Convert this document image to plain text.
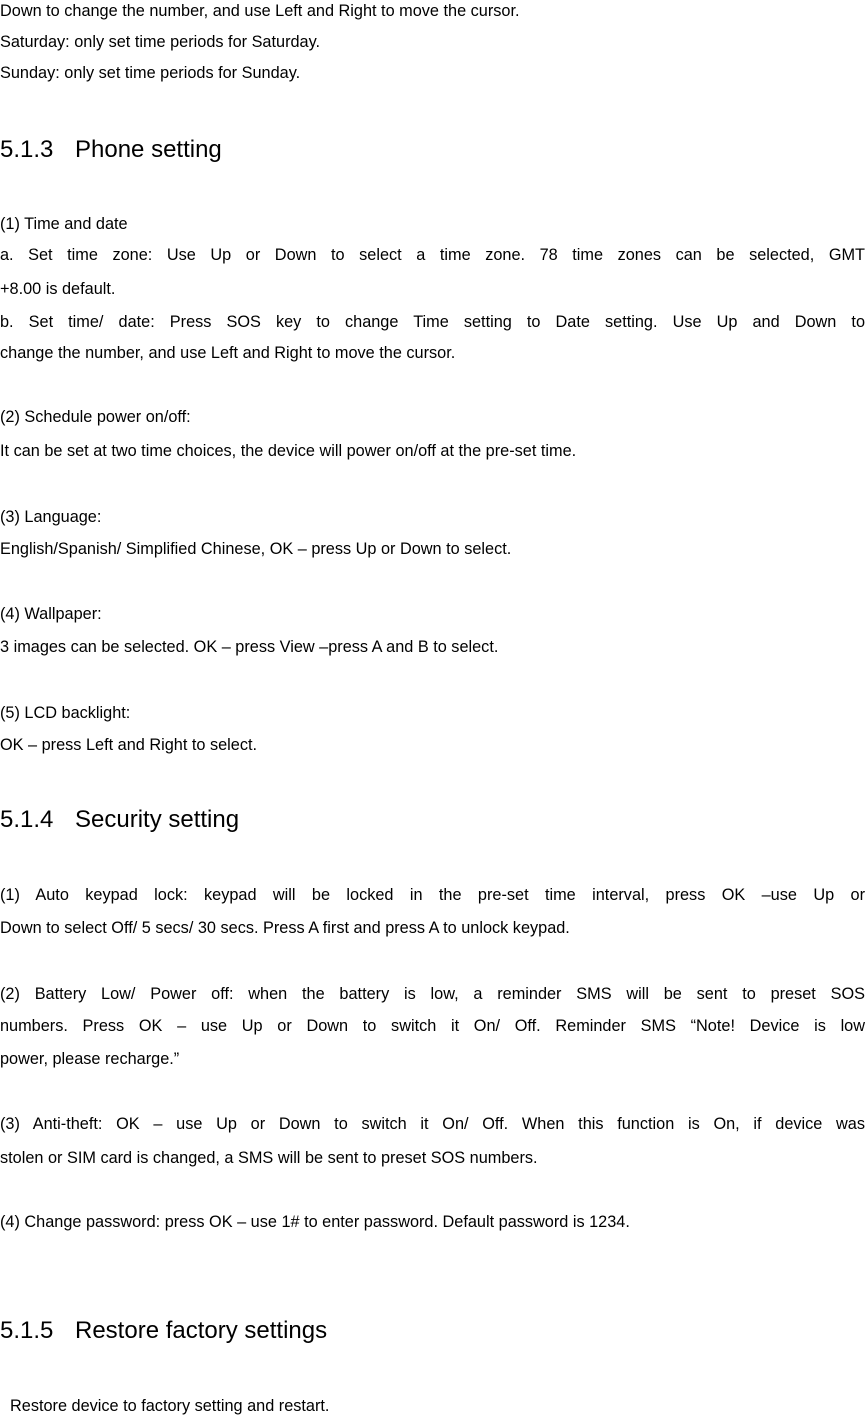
Down to change the number, and use Left and Right to move the cursor.

Saturday: only set time periods for Saturday.

Sunday: only set time periods for Sunday.

5.1.3 Phone setting

(1) Time and date

a. Set time zone: Use Up or Down to select a time zone. 78 time zones can be selected, GMT

+8.00 is default.

b. Set time/ date: Press SOS key to change Time setting to Date setting. Use Up and Down to

change the number, and use Left and Right to move the cursor.

(2) Schedule power on/off:

It can be set at two time choices, the device will power on/off at the pre-set time.

(3) Language:

English/Spanish/ Simplified Chinese, OK – press Up or Down to select.

(4) Wallpaper:

3 images can be selected. OK – press View –press A and B to select.

(5) LCD backlight:

OK – press Left and Right to select.

5.1.4 Security setting

(1) Auto keypad lock: keypad will be locked in the pre-set time interval, press OK –use Up or

Down to select Off/ 5 secs/ 30 secs. Press A first and press A to unlock keypad.

(2) Battery Low/ Power off: when the battery is low, a reminder SMS will be sent to preset SOS

numbers. Press OK – use Up or Down to switch it On/ Off. Reminder SMS “Note! Device is low

power, please recharge.”

(3) Anti-theft: OK – use Up or Down to switch it On/ Off. When this function is On, if device was

stolen or SIM card is changed, a SMS will be sent to preset SOS numbers.

(4) Change password: press OK – use 1# to enter password. Default password is 1234.

5.1.5 Restore factory settings

Restore device to factory setting and restart.
